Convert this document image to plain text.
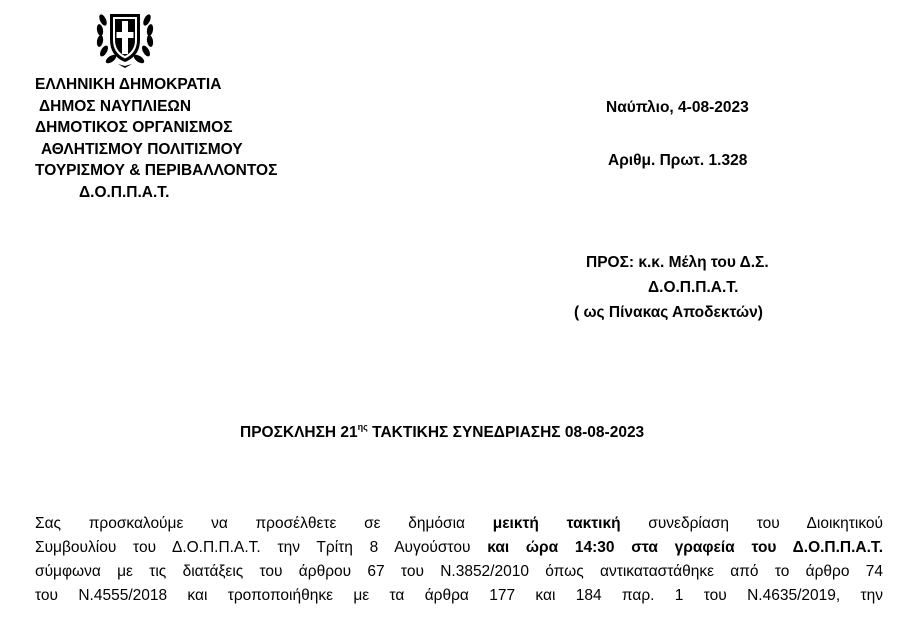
ΕΛΛΗΝΙΚΗ ΔΗΜΟΚΡΑΤΙΑ
ΔΗΜΟΣ ΝΑΥΠΛΙΕΩΝ
ΔΗΜΟΤΙΚΟΣ ΟΡΓΑΝΙΣΜΟΣ
ΑΘΛΗΤΙΣΜΟΥ ΠΟΛΙΤΙΣΜΟΥ
ΤΟΥΡΙΣΜΟΥ & ΠΕΡΙΒΑΛΛΟΝΤΟΣ
Δ.Ο.Π.Π.Α.Τ.
Ναύπλιο, 4-08-2023
Αριθμ. Πρωτ. 1.328
ΠΡΟΣ: κ.κ. Μέλη του Δ.Σ.
Δ.Ο.Π.Π.Α.Τ.
( ως Πίνακας Αποδεκτών)
ΠΡΟΣΚΛΗΣΗ $21^{\eta\varsigma}$ ΤΑΚΤΙΚΗΣ ΣΥΝΕΔΡΙΑΣΗΣ 08-08-2023
Σας προσκαλούμε να προσέλθετε σε δημόσια μεικτή τακτική συνεδρίαση του Διοικητικού
Συμβουλίου του Δ.Ο.Π.Π.Α.Τ. την Τρίτη 8 Αυγούστου και ώρα 14:30 στα γραφεία του Δ.Ο.Π.Π.Α.Τ.
σύμφωνα με τις διατάξεις του άρθρου 67 του Ν.3852/2010 όπως αντικαταστάθηκε από το άρθρο 74
του Ν.4555/2018 και τροποποιήθηκε με τα άρθρα 177 και 184 παρ. 1 του Ν.4635/2019, την
